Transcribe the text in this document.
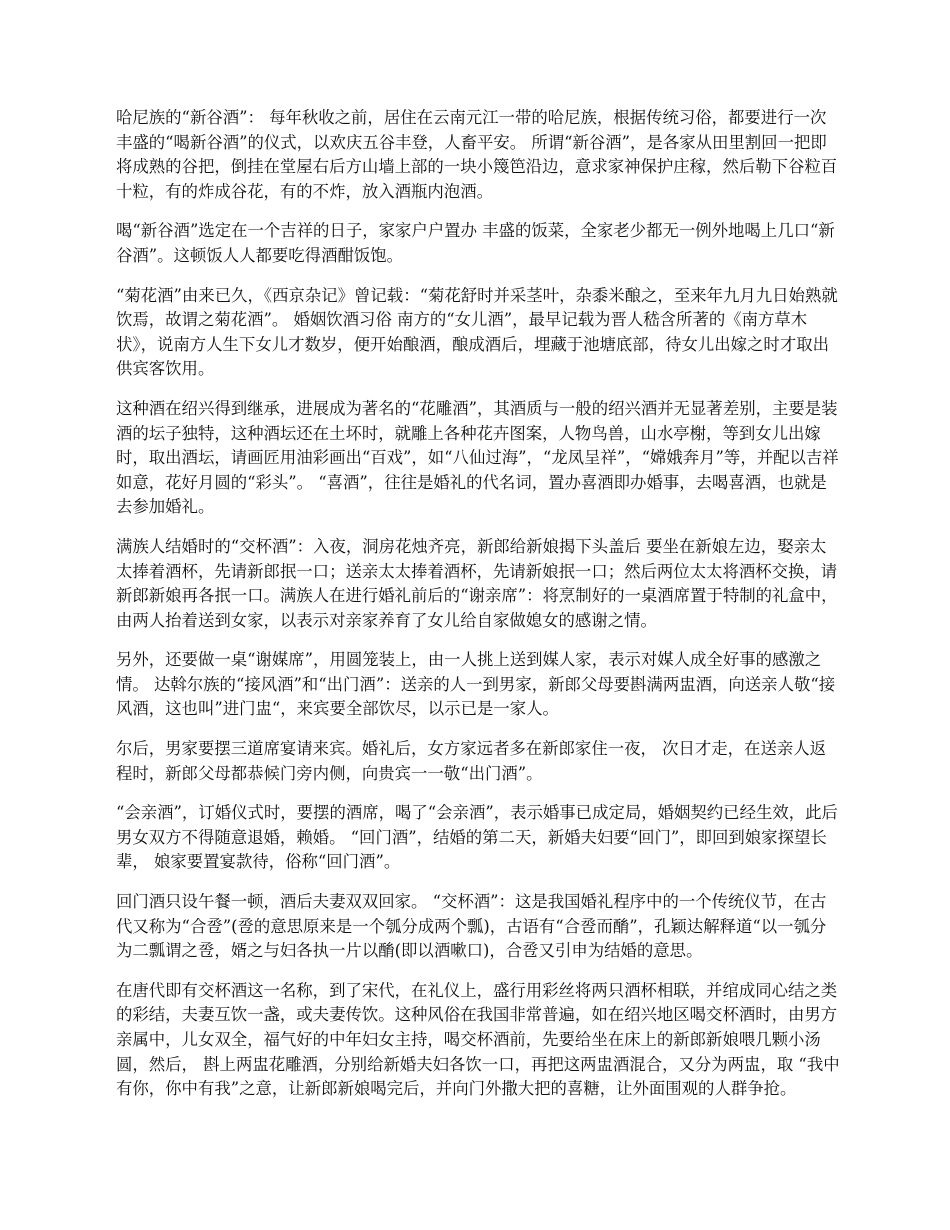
哈尼族的“新谷酒”： 每年秋收之前，居住在云南元江一带的哈尼族，根据传统习俗，都要进行一次丰盛的“喝新谷酒”的仪式，以欢庆五谷丰登，人畜平安。 所谓“新谷酒”，是各家从田里割回一把即将成熟的谷把，倒挂在堂屋右后方山墙上部的一块小篾笆沿边，意求家神保护庄稼，然后勒下谷粒百十粒，有的炸成谷花，有的不炸，放入酒瓶内泡酒。

喝“新谷酒”选定在一个吉祥的日子，家家户户置办 丰盛的饭菜，全家老少都无一例外地喝上几口“新谷酒”。这顿饭人人都要吃得酒酣饭饱。

“菊花酒”由来已久，《西京杂记》曾记载：“菊花舒时并采茎叶，杂黍米酿之，至来年九月九日始熟就饮焉，故谓之菊花酒”。 婚姻饮酒习俗 南方的“女儿酒”，最早记载为晋人嵇含所著的《南方草木状》，说南方人生下女儿才数岁，便开始酿酒，酿成酒后，埋藏于池塘底部，待女儿出嫁之时才取出供宾客饮用。

这种酒在绍兴得到继承，进展成为著名的“花雕酒”，其酒质与一般的绍兴酒并无显著差别，主要是装酒的坛子独特，这种酒坛还在土坏时，就雕上各种花卉图案，人物鸟兽，山水亭榭，等到女儿出嫁时，取出酒坛，请画匠用油彩画出“百戏”，如“八仙过海”，“龙凤呈祥”，“嫦娥奔月”等，并配以吉祥如意，花好月圆的“彩头”。 “喜酒”，往往是婚礼的代名词，置办喜酒即办婚事，去喝喜酒，也就是去参加婚礼。

满族人结婚时的“交杯酒”：入夜，洞房花烛齐亮，新郎给新娘揭下头盖后 要坐在新娘左边，娶亲太太捧着酒杯，先请新郎抿一口；送亲太太捧着酒杯，先请新娘抿一口；然后两位太太将酒杯交换，请新郎新娘再各抿一口。满族人在进行婚礼前后的“谢亲席”：将烹制好的一桌酒席置于特制的礼盒中，由两人抬着送到女家，以表示对亲家养育了女儿给自家做媳女的感谢之情。

另外，还要做一桌“谢媒席”，用圆笼装上，由一人挑上送到媒人家，表示对媒人成全好事的感激之情。 达斡尔族的“接风酒”和“出门酒”：送亲的人一到男家，新郎父母要斟满两盅酒，向送亲人敬“接风酒，这也叫”进门盅“，来宾要全部饮尽，以示已是一家人。

尔后，男家要摆三道席宴请来宾。婚礼后，女方家远者多在新郎家住一夜， 次日才走，在送亲人返程时，新郎父母都恭候门旁内侧，向贵宾一一敬“出门酒”。

“会亲酒”，订婚仪式时，要摆的酒席，喝了“会亲酒”，表示婚事已成定局，婚姻契约已经生效，此后男女双方不得随意退婚，赖婚。 “回门酒”，结婚的第二天，新婚夫妇要“回门”，即回到娘家探望长辈， 娘家要置宴款待，俗称“回门酒”。

回门酒只设午餐一顿，酒后夫妻双双回家。 “交杯酒”：这是我国婚礼程序中的一个传统仪节，在古代又称为“合卺”(卺的意思原来是一个瓠分成两个瓢)，古语有“合卺而酳”，孔颖达解释道“以一瓠分为二瓢谓之卺，婿之与妇各执一片以酳(即以酒嗽口)，合卺又引申为结婚的意思。

在唐代即有交杯酒这一名称，到了宋代，在礼仪上，盛行用彩丝将两只酒杯相联，并绾成同心结之类的彩结，夫妻互饮一盏，或夫妻传饮。这种风俗在我国非常普遍，如在绍兴地区喝交杯酒时，由男方亲属中，儿女双全，福气好的中年妇女主持，喝交杯酒前，先要给坐在床上的新郎新娘喂几颗小汤圆，然后， 斟上两盅花雕酒，分别给新婚夫妇各饮一口，再把这两盅酒混合，又分为两盅，取 “我中有你，你中有我”之意，让新郎新娘喝完后，并向门外撒大把的喜糖，让外面围观的人群争抢。
